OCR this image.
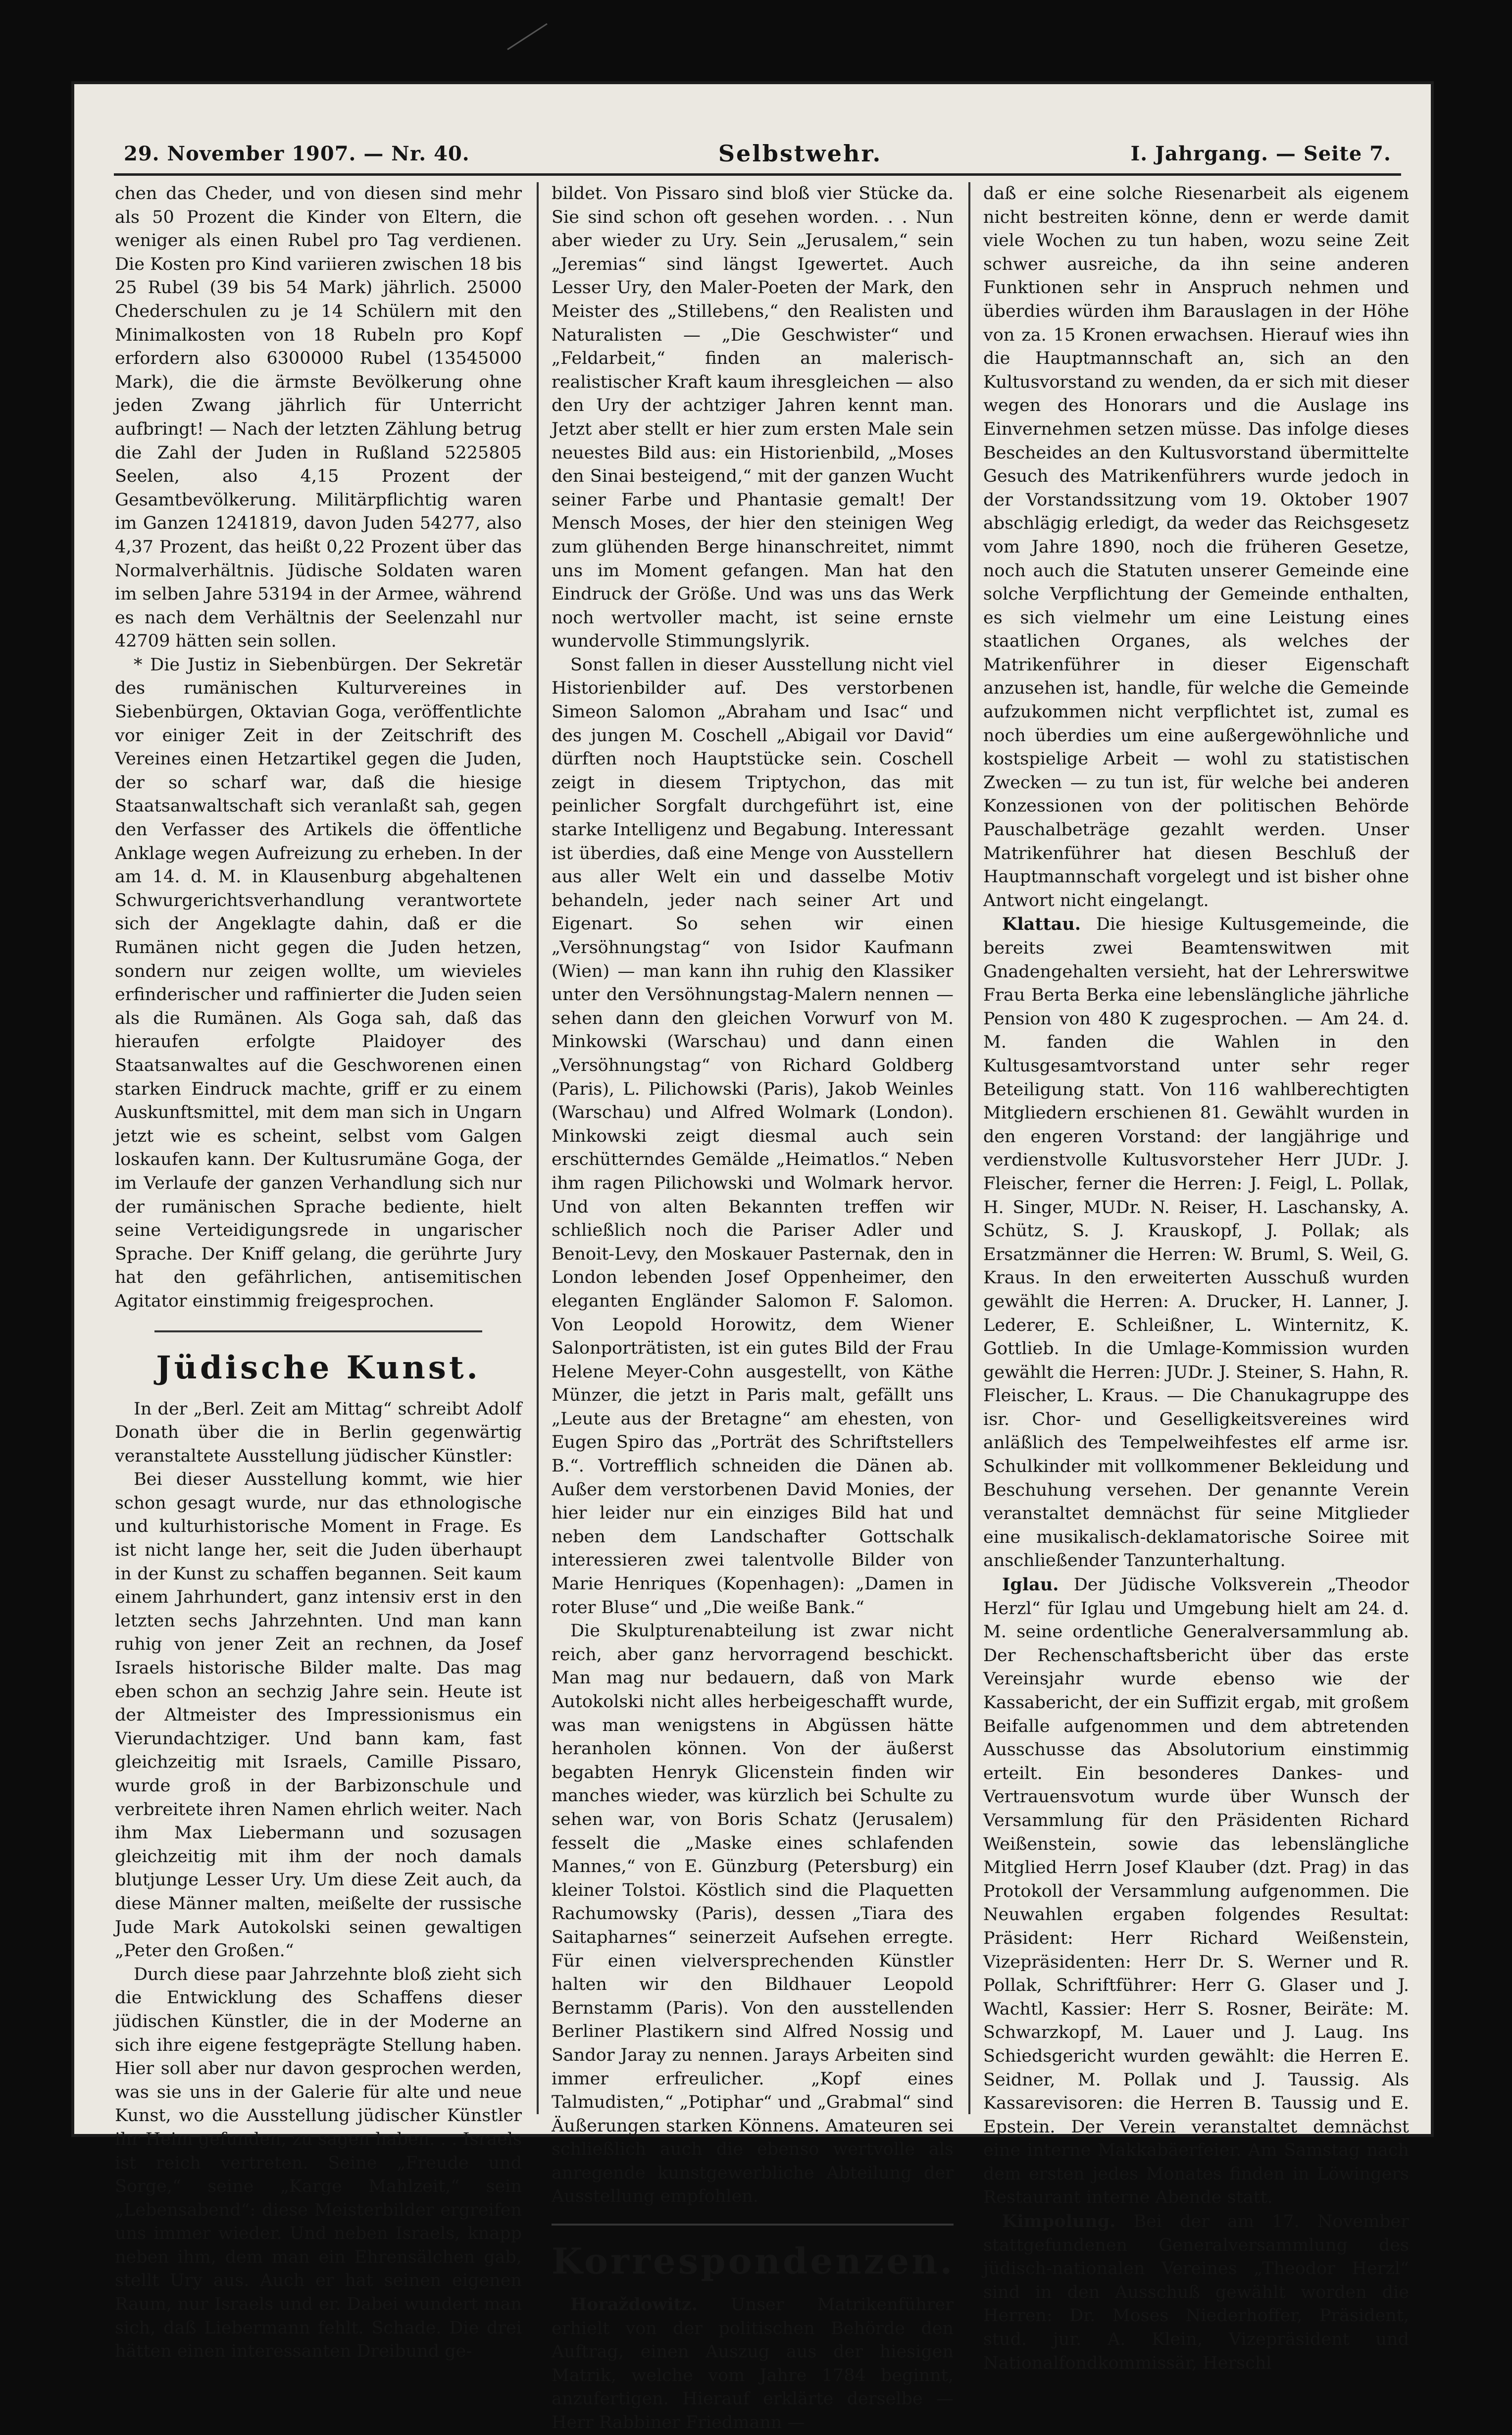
29. November 1907. — Nr. 40.	Selbstwehr.	I. Jahrgang. — Seite 7.

chen das Cheder, und von diesen sind mehr als 50 Prozent die Kinder von Eltern, die weniger als einen Rubel pro Tag verdienen. Die Kosten pro Kind variieren zwischen 18 bis 25 Rubel (39 bis 54 Mark) jährlich. 25000 Chederschulen zu je 14 Schülern mit den Minimalkosten von 18 Rubeln pro Kopf erfordern also 6300000 Rubel (13545000 Mark), die die ärmste Bevölkerung ohne jeden Zwang jährlich für Unterricht aufbringt! — Nach der letzten Zählung betrug die Zahl der Juden in Rußland 5225805 Seelen, also 4,15 Prozent der Gesamtbevölkerung. Militärpflichtig waren im Ganzen 1241819, davon Juden 54277, also 4,37 Prozent, das heißt 0,22 Prozent über das Normalverhältnis. Jüdische Soldaten waren im selben Jahre 53194 in der Armee, während es nach dem Verhältnis der Seelenzahl nur 42709 hätten sein sollen.

* Die Justiz in Siebenbürgen. Der Sekretär des rumänischen Kulturvereines in Siebenbürgen, Oktavian Goga, veröffentlichte vor einiger Zeit in der Zeitschrift des Vereines einen Hetzartikel gegen die Juden, der so scharf war, daß die hiesige Staatsanwaltschaft sich veranlaßt sah, gegen den Verfasser des Artikels die öffentliche Anklage wegen Aufreizung zu erheben. In der am 14. d. M. in Klausenburg abgehaltenen Schwurgerichtsverhandlung verantwortete sich der Angeklagte dahin, daß er die Rumänen nicht gegen die Juden hetzen, sondern nur zeigen wollte, um wievieles erfinderischer und raffinierter die Juden seien als die Rumänen. Als Goga sah, daß das hieraufen erfolgte Plaidoyer des Staatsanwaltes auf die Geschworenen einen starken Eindruck machte, griff er zu einem Auskunftsmittel, mit dem man sich in Ungarn jetzt wie es scheint, selbst vom Galgen loskaufen kann. Der Kultusrumäne Goga, der im Verlaufe der ganzen Verhandlung sich nur der rumänischen Sprache bediente, hielt seine Verteidigungsrede in ungarischer Sprache. Der Kniff gelang, die gerührte Jury hat den gefährlichen, antisemitischen Agitator einstimmig freigesprochen.

Jüdische Kunst.

In der „Berl. Zeit am Mittag“ schreibt Adolf Donath über die in Berlin gegenwärtig veranstaltete Ausstellung jüdischer Künstler:

Bei dieser Ausstellung kommt, wie hier schon gesagt wurde, nur das ethnologische und kulturhistorische Moment in Frage. Es ist nicht lange her, seit die Juden überhaupt in der Kunst zu schaffen begannen. Seit kaum einem Jahrhundert, ganz intensiv erst in den letzten sechs Jahrzehnten. Und man kann ruhig von jener Zeit an rechnen, da Josef Israels historische Bilder malte. Das mag eben schon an sechzig Jahre sein. Heute ist der Altmeister des Impressionismus ein Vierundachtziger. Und bann kam, fast gleichzeitig mit Israels, Camille Pissaro, wurde groß in der Barbizonschule und verbreitete ihren Namen ehrlich weiter. Nach ihm Max Liebermann und sozusagen gleichzeitig mit ihm der noch damals blutjunge Lesser Ury. Um diese Zeit auch, da diese Männer malten, meißelte der russische Jude Mark Autokolski seinen gewaltigen „Peter den Großen.“

Durch diese paar Jahrzehnte bloß zieht sich die Entwicklung des Schaffens dieser jüdischen Künstler, die in der Moderne an sich ihre eigene festgeprägte Stellung haben. Hier soll aber nur davon gesprochen werden, was sie uns in der Galerie für alte und neue Kunst, wo die Ausstellung jüdischer Künstler ihr Heim gefunden, zu sagen haben. . . Israels ist reich vertreten. Seine „Freude und Sorge,“ seine „Karge Mahlzeit,“ sein „Lebensabend“: diese Meisterbilder ergreifen uns immer wieder. Und neben Israels, knapp neben ihm, dem man ein Ehrensälchen gab, stellt Ury aus. Auch er hat seinen eigenen Raum, nur Israels und er. Dabei wundert man sich, daß Liebermann fehlt. Schade. Die drei hätten einen interessanten Dreibund ge-

bildet. Von Pissaro sind bloß vier Stücke da. Sie sind schon oft gesehen worden. . . Nun aber wieder zu Ury. Sein „Jerusalem,“ sein „Jeremias“ sind längst Igewertet. Auch Lesser Ury, den Maler-Poeten der Mark, den Meister des „Stillebens,“ den Realisten und Naturalisten — „Die Geschwister“ und „Feldarbeit,“ finden an malerisch-realistischer Kraft kaum ihresgleichen — also den Ury der achtziger Jahren kennt man. Jetzt aber stellt er hier zum ersten Male sein neuestes Bild aus: ein Historienbild, „Moses den Sinai besteigend,“ mit der ganzen Wucht seiner Farbe und Phantasie gemalt! Der Mensch Moses, der hier den steinigen Weg zum glühenden Berge hinanschreitet, nimmt uns im Moment gefangen. Man hat den Eindruck der Größe. Und was uns das Werk noch wertvoller macht, ist seine ernste wundervolle Stimmungslyrik.

Sonst fallen in dieser Ausstellung nicht viel Historienbilder auf. Des verstorbenen Simeon Salomon „Abraham und Isac“ und des jungen M. Coschell „Abigail vor David“ dürften noch Hauptstücke sein. Coschell zeigt in diesem Triptychon, das mit peinlicher Sorgfalt durchgeführt ist, eine starke Intelligenz und Begabung. Interessant ist überdies, daß eine Menge von Ausstellern aus aller Welt ein und dasselbe Motiv behandeln, jeder nach seiner Art und Eigenart. So sehen wir einen „Versöhnungstag“ von Isidor Kaufmann (Wien) — man kann ihn ruhig den Klassiker unter den Versöhnungstag-Malern nennen — sehen dann den gleichen Vorwurf von M. Minkowski (Warschau) und dann einen „Versöhnungstag“ von Richard Goldberg (Paris), L. Pilichowski (Paris), Jakob Weinles (Warschau) und Alfred Wolmark (London). Minkowski zeigt diesmal auch sein erschütterndes Gemälde „Heimatlos.“ Neben ihm ragen Pilichowski und Wolmark hervor. Und von alten Bekannten treffen wir schließlich noch die Pariser Adler und Benoit-Levy, den Moskauer Pasternak, den in London lebenden Josef Oppenheimer, den eleganten Engländer Salomon F. Salomon. Von Leopold Horowitz, dem Wiener Salonporträtisten, ist ein gutes Bild der Frau Helene Meyer-Cohn ausgestellt, von Käthe Münzer, die jetzt in Paris malt, gefällt uns „Leute aus der Bretagne“ am ehesten, von Eugen Spiro das „Porträt des Schriftstellers B.“. Vortrefflich schneiden die Dänen ab. Außer dem verstorbenen David Monies, der hier leider nur ein einziges Bild hat und neben dem Landschafter Gottschalk interessieren zwei talentvolle Bilder von Marie Henriques (Kopenhagen): „Damen in roter Bluse“ und „Die weiße Bank.“

Die Skulpturenabteilung ist zwar nicht reich, aber ganz hervorragend beschickt. Man mag nur bedauern, daß von Mark Autokolski nicht alles herbeigeschafft wurde, was man wenigstens in Abgüssen hätte heranholen können. Von der äußerst begabten Henryk Glicenstein finden wir manches wieder, was kürzlich bei Schulte zu sehen war, von Boris Schatz (Jerusalem) fesselt die „Maske eines schlafenden Mannes,“ von E. Günzburg (Petersburg) ein kleiner Tolstoi. Köstlich sind die Plaquetten Rachumowsky (Paris), dessen „Tiara des Saitapharnes“ seinerzeit Aufsehen erregte. Für einen vielversprechenden Künstler halten wir den Bildhauer Leopold Bernstamm (Paris). Von den ausstellenden Berliner Plastikern sind Alfred Nossig und Sandor Jaray zu nennen. Jarays Arbeiten sind immer erfreulicher. „Kopf eines Talmudisten,“ „Potiphar“ und „Grabmal“ sind Äußerungen starken Könnens. Amateuren sei schließlich auch die ebenso wertvolle als anregende kunstgewerbliche Abteilung der Ausstellung empfohlen.

Korrespondenzen.

Horaždowitz. Unser Matrikenführer erhielt von der politischen Behörde den Auftrag, einen Auszug aus der hiesigen Matrik, welche vom Jahre 1784 beginnt, anzufertigen. Hierauf erklärte derselbe — Herr Rabbiner Friedmann —

daß er eine solche Riesenarbeit als eigenem nicht bestreiten könne, denn er werde damit viele Wochen zu tun haben, wozu seine Zeit schwer ausreiche, da ihn seine anderen Funktionen sehr in Anspruch nehmen und überdies würden ihm Barauslagen in der Höhe von za. 15 Kronen erwachsen. Hierauf wies ihn die Hauptmannschaft an, sich an den Kultusvorstand zu wenden, da er sich mit dieser wegen des Honorars und die Auslage ins Einvernehmen setzen müsse. Das infolge dieses Bescheides an den Kultusvorstand übermittelte Gesuch des Matrikenführers wurde jedoch in der Vorstandssitzung vom 19. Oktober 1907 abschlägig erledigt, da weder das Reichsgesetz vom Jahre 1890, noch die früheren Gesetze, noch auch die Statuten unserer Gemeinde eine solche Verpflichtung der Gemeinde enthalten, es sich vielmehr um eine Leistung eines staatlichen Organes, als welches der Matrikenführer in dieser Eigenschaft anzusehen ist, handle, für welche die Gemeinde aufzukommen nicht verpflichtet ist, zumal es noch überdies um eine außergewöhnliche und kostspielige Arbeit — wohl zu statistischen Zwecken — zu tun ist, für welche bei anderen Konzessionen von der politischen Behörde Pauschalbeträge gezahlt werden. Unser Matrikenführer hat diesen Beschluß der Hauptmannschaft vorgelegt und ist bisher ohne Antwort nicht eingelangt.

Klattau. Die hiesige Kultusgemeinde, die bereits zwei Beamtenswitwen mit Gnadengehalten versieht, hat der Lehrerswitwe Frau Berta Berka eine lebenslängliche jährliche Pension von 480 K zugesprochen. — Am 24. d. M. fanden die Wahlen in den Kultusgesamtvorstand unter sehr reger Beteiligung statt. Von 116 wahlberechtigten Mitgliedern erschienen 81. Gewählt wurden in den engeren Vorstand: der langjährige und verdienstvolle Kultusvorsteher Herr JUDr. J. Fleischer, ferner die Herren: J. Feigl, L. Pollak, H. Singer, MUDr. N. Reiser, H. Laschansky, A. Schütz, S. J. Krauskopf, J. Pollak; als Ersatzmänner die Herren: W. Bruml, S. Weil, G. Kraus. In den erweiterten Ausschuß wurden gewählt die Herren: A. Drucker, H. Lanner, J. Lederer, E. Schleißner, L. Winternitz, K. Gottlieb. In die Umlage-Kommission wurden gewählt die Herren: JUDr. J. Steiner, S. Hahn, R. Fleischer, L. Kraus. — Die Chanukagruppe des isr. Chor- und Geselligkeitsvereines wird anläßlich des Tempelweihfestes elf arme isr. Schulkinder mit vollkommener Bekleidung und Beschuhung versehen. Der genannte Verein veranstaltet demnächst für seine Mitglieder eine musikalisch-deklamatorische Soiree mit anschließender Tanzunterhaltung.

Iglau. Der Jüdische Volksverein „Theodor Herzl“ für Iglau und Umgebung hielt am 24. d. M. seine ordentliche Generalversammlung ab. Der Rechenschaftsbericht über das erste Vereinsjahr wurde ebenso wie der Kassabericht, der ein Suffizit ergab, mit großem Beifalle aufgenommen und dem abtretenden Ausschusse das Absolutorium einstimmig erteilt. Ein besonderes Dankes- und Vertrauensvotum wurde über Wunsch der Versammlung für den Präsidenten Richard Weißenstein, sowie das lebenslängliche Mitglied Herrn Josef Klauber (dzt. Prag) in das Protokoll der Versammlung aufgenommen. Die Neuwahlen ergaben folgendes Resultat: Präsident: Herr Richard Weißenstein, Vizepräsidenten: Herr Dr. S. Werner und R. Pollak, Schriftführer: Herr G. Glaser und J. Wachtl, Kassier: Herr S. Rosner, Beiräte: M. Schwarzkopf, M. Lauer und J. Laug. Ins Schiedsgericht wurden gewählt: die Herren E. Seidner, M. Pollak und J. Taussig. Als Kassarevisoren: die Herren B. Taussig und E. Epstein. Der Verein veranstaltet demnächst eine interne Makkabäerfeier. Am Samstag nach dem ersten jedes Monates finden in Löwingers Restaurant interne Abende statt.

Kimpolung. Bei der am 17. November stattgefundenen Generalversammlung des jüdisch-nationalen Vereines „Theodor Herzl“ sind in den Ausschuß gewählt worden die Herren: Dr. Moses Niederhoffer, Präsident, stud. jur. A. Klein, Vizepräsident und Nationalfondkommissär, Herschl
